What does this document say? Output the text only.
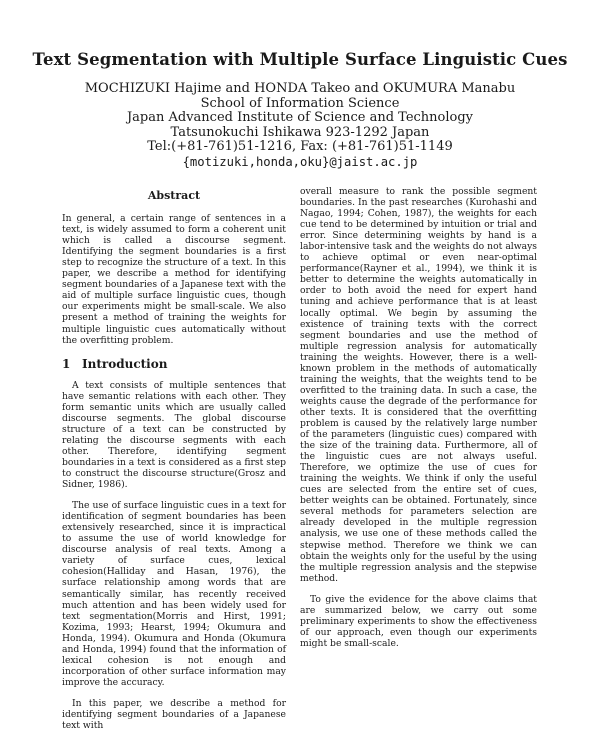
Text Segmentation with Multiple Surface Linguistic Cues
MOCHIZUKI Hajime and HONDA Takeo and OKUMURA Manabu
School of Information Science
Japan Advanced Institute of Science and Technology
Tatsunokuchi Ishikawa 923-1292 Japan
Tel:(+81-761)51-1216, Fax: (+81-761)51-1149
{motizuki,honda,oku}@jaist.ac.jp
Abstract

In general, a certain range of sentences in a text, is widely assumed to form a coherent unit which is called a discourse segment. Identifying the segment boundaries is a first step to recognize the structure of a text. In this paper, we describe a method for identifying segment boundaries of a Japanese text with the aid of multiple surface linguistic cues, though our experiments might be small-scale. We also present a method of training the weights for multiple linguistic cues automatically without the overfitting problem.

1 Introduction

A text consists of multiple sentences that have semantic relations with each other. They form semantic units which are usually called discourse segments. The global discourse structure of a text can be constructed by relating the discourse segments with each other. Therefore, identifying segment boundaries in a text is considered as a first step to construct the discourse structure(Grosz and Sidner, 1986).

The use of surface linguistic cues in a text for identification of segment boundaries has been extensively researched, since it is impractical to assume the use of world knowledge for discourse analysis of real texts. Among a variety of surface cues, lexical cohesion(Halliday and Hasan, 1976), the surface relationship among words that are semantically similar, has recently received much attention and has been widely used for text segmentation(Morris and Hirst, 1991; Kozima, 1993; Hearst, 1994; Okumura and Honda, 1994). Okumura and Honda (Okumura and Honda, 1994) found that the information of lexical cohesion is not enough and incorporation of other surface information may improve the accuracy.

In this paper, we describe a method for identifying segment boundaries of a Japanese text with

overall measure to rank the possible segment boundaries. In the past researches (Kurohashi and Nagao, 1994; Cohen, 1987), the weights for each cue tend to be determined by intuition or trial and error. Since determining weights by hand is a labor-intensive task and the weights do not always to achieve optimal or even near-optimal performance(Rayner et al., 1994), we think it is better to determine the weights automatically in order to both avoid the need for expert hand tuning and achieve performance that is at least locally optimal. We begin by assuming the existence of training texts with the correct segment boundaries and use the method of multiple regression analysis for automatically training the weights. However, there is a well-known problem in the methods of automatically training the weights, that the weights tend to be overfitted to the training data. In such a case, the weights cause the degrade of the performance for other texts. It is considered that the overfitting problem is caused by the relatively large number of the parameters (linguistic cues) compared with the size of the training data. Furthermore, all of the linguistic cues are not always useful. Therefore, we optimize the use of cues for training the weights. We think if only the useful cues are selected from the entire set of cues, better weights can be obtained. Fortunately, since several methods for parameters selection are already developed in the multiple regression analysis, we use one of these methods called the stepwise method. Therefore we think we can obtain the weights only for the useful by the using the multiple regression analysis and the stepwise method.

To give the evidence for the above claims that are summarized below, we carry out some preliminary experiments to show the effectiveness of our approach, even though our experiments might be small-scale.
